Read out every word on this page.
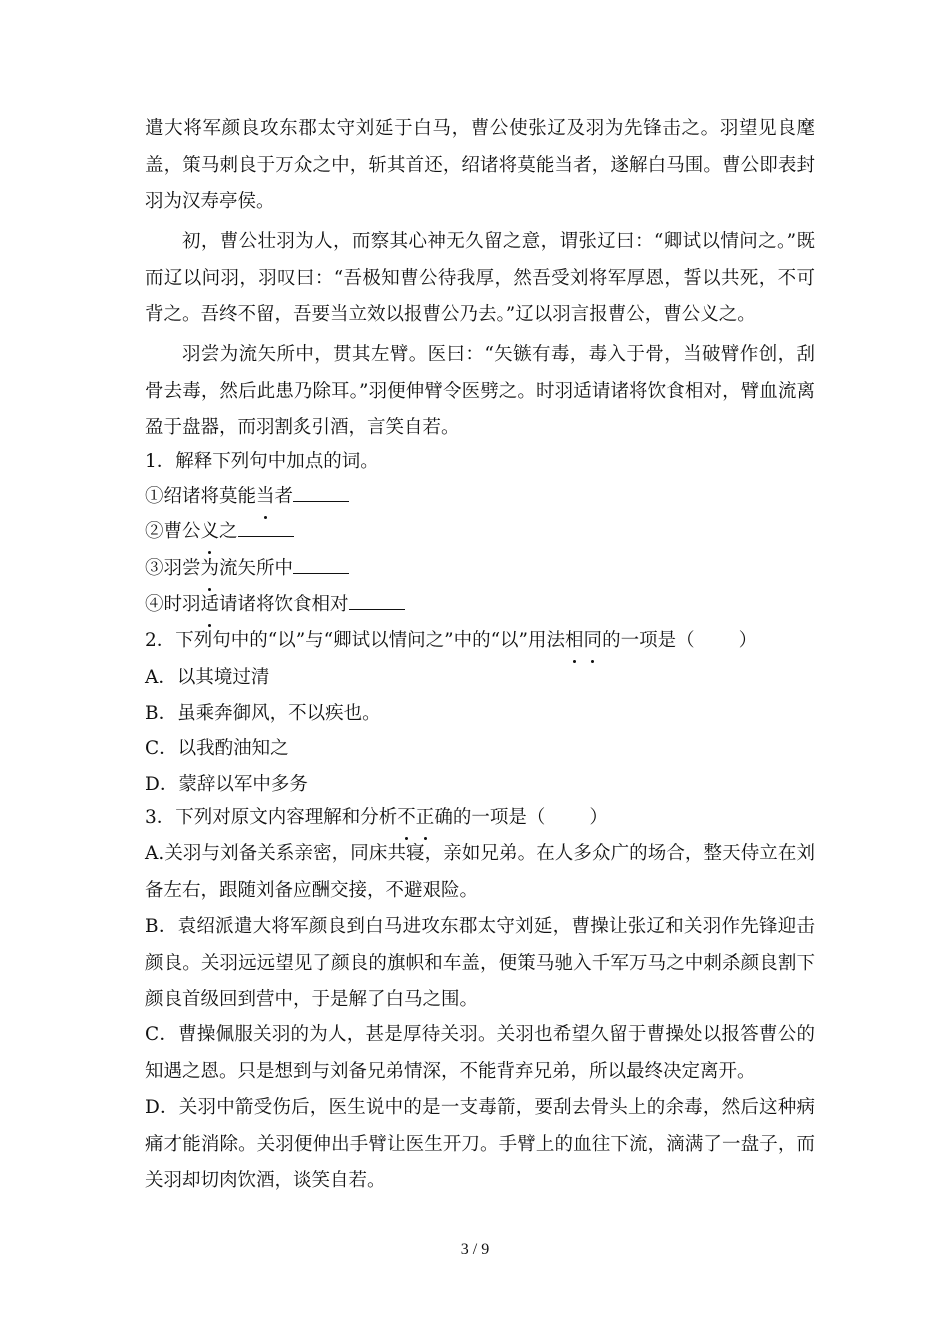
遣大将军颜良攻东郡太守刘延于白马，曹公使张辽及羽为先锋击之。羽望见良麾盖，策马刺良于万众之中，斩其首还，绍诸将莫能当者，遂解白马围。曹公即表封羽为汉寿亭侯。

初，曹公壮羽为人，而察其心神无久留之意，谓张辽曰：“卿试以情问之。”既而辽以问羽，羽叹曰：“吾极知曹公待我厚，然吾受刘将军厚恩，誓以共死，不可背之。吾终不留，吾要当立效以报曹公乃去。”辽以羽言报曹公，曹公义之。

羽尝为流矢所中，贯其左臂。医曰：“矢镞有毒，毒入于骨，当破臂作创，刮骨去毒，然后此患乃除耳。”羽便伸臂令医劈之。时羽适请诸将饮食相对，臂血流离盈于盘器，而羽割炙引酒，言笑自若。

1．解释下列句中加点的词。

①绍诸将莫能当者

②曹公义之

③羽尝为流矢所中

④时羽适请诸将饮食相对

2．下列句中的“以”与“卿试以情问之”中的“以”用法相同的一项是（ ）

A．以其境过清

B．虽乘奔御风，不以疾也。

C．以我酌油知之

D．蒙辞以军中多务

3．下列对原文内容理解和分析不正确的一项是（ ）

A.关羽与刘备关系亲密，同床共寝，亲如兄弟。在人多众广的场合，整天侍立在刘备左右，跟随刘备应酬交接，不避艰险。

B．袁绍派遣大将军颜良到白马进攻东郡太守刘延，曹操让张辽和关羽作先锋迎击颜良。关羽远远望见了颜良的旗帜和车盖，便策马驰入千军万马之中刺杀颜良割下颜良首级回到营中，于是解了白马之围。

C．曹操佩服关羽的为人，甚是厚待关羽。关羽也希望久留于曹操处以报答曹公的知遇之恩。只是想到与刘备兄弟情深，不能背弃兄弟，所以最终决定离开。

D．关羽中箭受伤后，医生说中的是一支毒箭，要刮去骨头上的余毒，然后这种病痛才能消除。关羽便伸出手臂让医生开刀。手臂上的血往下流，滴满了一盘子，而关羽却切肉饮酒，谈笑自若。

3 / 9
